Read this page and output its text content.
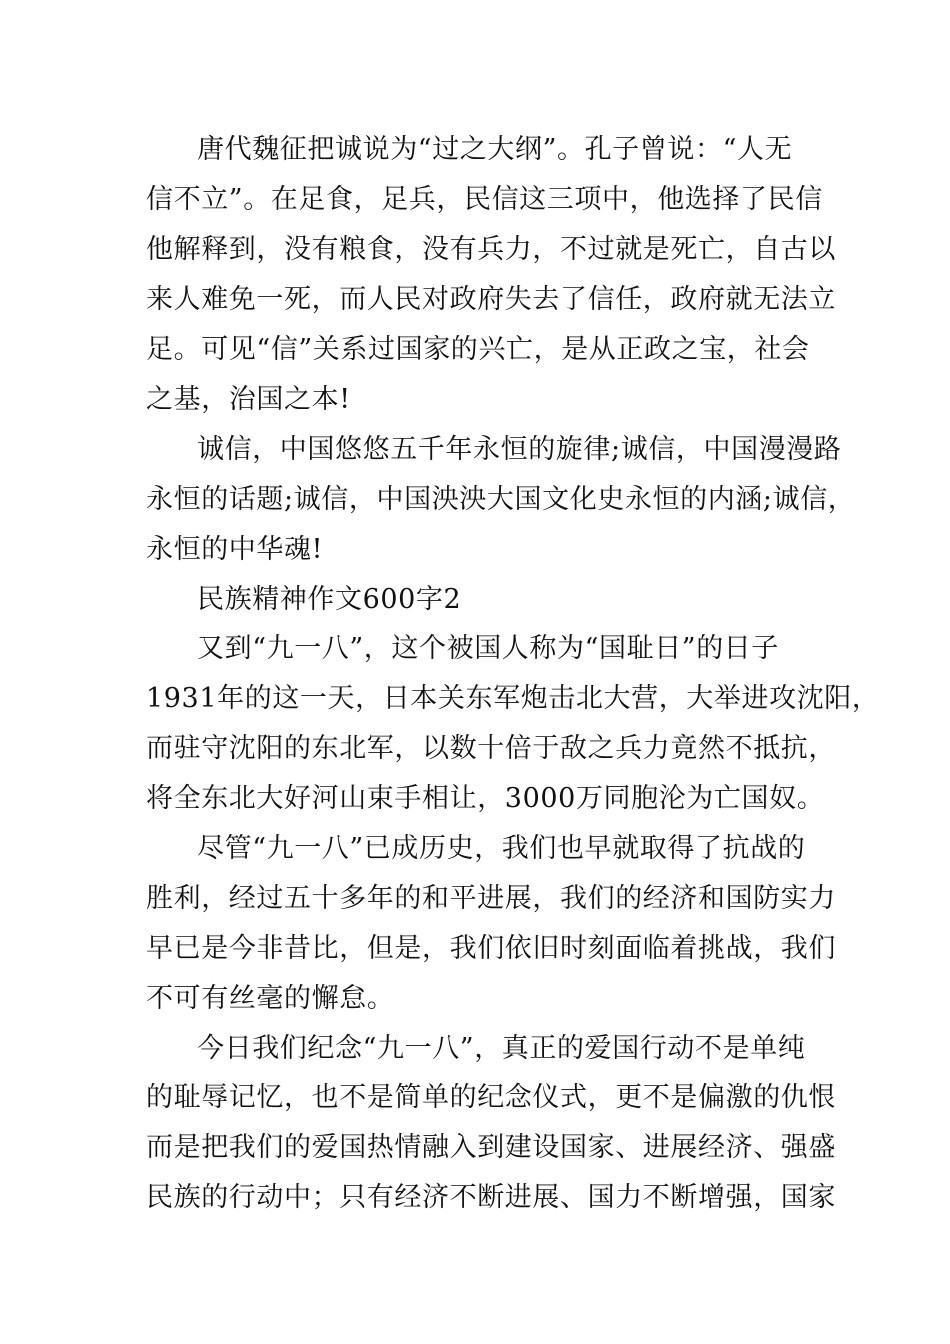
唐代魏征把诚说为“过之大纲”。孔子曾说：“人无
信不立”。在足食，足兵，民信这三项中，他选择了民信
他解释到，没有粮食，没有兵力，不过就是死亡，自古以
来人难免一死，而人民对政府失去了信任，政府就无法立
足。可见“信”关系过国家的兴亡，是从正政之宝，社会
之基，治国之本!
诚信，中国悠悠五千年永恒的旋律;诚信，中国漫漫路
永恒的话题;诚信，中国泱泱大国文化史永恒的内涵;诚信，
永恒的中华魂!
民族精神作文600字2
又到“九一八”，这个被国人称为“国耻日”的日子
1931年的这一天，日本关东军炮击北大营，大举进攻沈阳，
而驻守沈阳的东北军，以数十倍于敌之兵力竟然不抵抗，
将全东北大好河山束手相让，3000万同胞沦为亡国奴。
尽管“九一八”已成历史，我们也早就取得了抗战的
胜利，经过五十多年的和平进展，我们的经济和国防实力
早已是今非昔比，但是，我们依旧时刻面临着挑战，我们
不可有丝毫的懈怠。
今日我们纪念“九一八”，真正的爱国行动不是单纯
的耻辱记忆，也不是简单的纪念仪式，更不是偏激的仇恨
而是把我们的爱国热情融入到建设国家、进展经济、强盛
民族的行动中；只有经济不断进展、国力不断增强，国家
